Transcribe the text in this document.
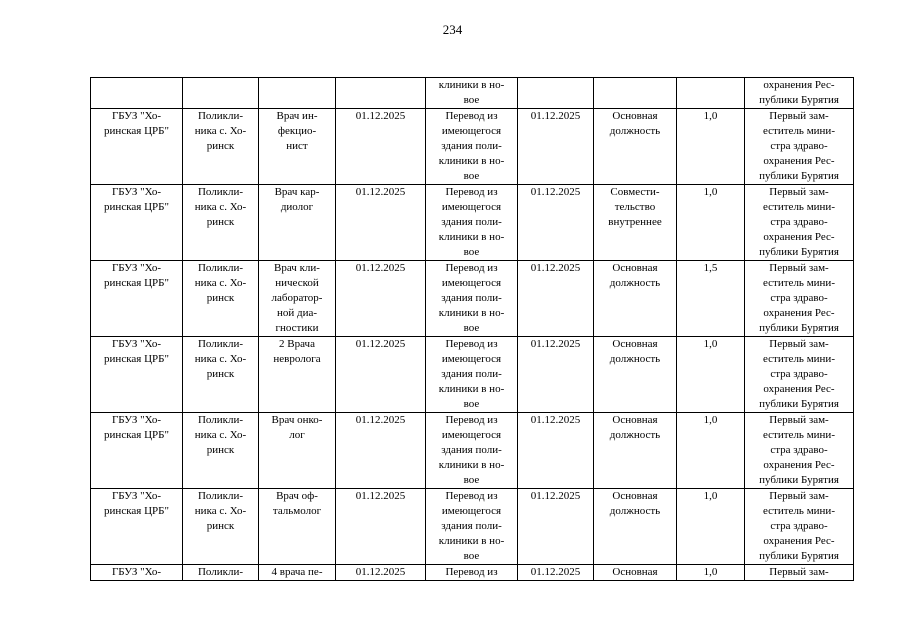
234

				клиники в но-
вое				охранения Рес-
публики Бурятия

ГБУЗ "Хо-
ринская ЦРБ"	Поликли-
ника с. Хо-
ринск	Врач ин-
фекцио-
нист	01.12.2025	Перевод из
имеющегося
здания поли-
клиники в но-
вое	01.12.2025	Основная
должность	1,0	Первый зам-
еститель мини-
стра здраво-
охранения Рес-
публики Бурятия

ГБУЗ "Хо-
ринская ЦРБ"	Поликли-
ника с. Хо-
ринск	Врач кар-
диолог	01.12.2025	Перевод из
имеющегося
здания поли-
клиники в но-
вое	01.12.2025	Совмести-
тельство
внутреннее	1,0	Первый зам-
еститель мини-
стра здраво-
охранения Рес-
публики Бурятия

ГБУЗ "Хо-
ринская ЦРБ"	Поликли-
ника с. Хо-
ринск	Врач кли-
нической
лаборатор-
ной диа-
гностики	01.12.2025	Перевод из
имеющегося
здания поли-
клиники в но-
вое	01.12.2025	Основная
должность	1,5	Первый зам-
еститель мини-
стра здраво-
охранения Рес-
публики Бурятия

ГБУЗ "Хо-
ринская ЦРБ"	Поликли-
ника с. Хо-
ринск	2 Врача
невролога	01.12.2025	Перевод из
имеющегося
здания поли-
клиники в но-
вое	01.12.2025	Основная
должность	1,0	Первый зам-
еститель мини-
стра здраво-
охранения Рес-
публики Бурятия

ГБУЗ "Хо-
ринская ЦРБ"	Поликли-
ника с. Хо-
ринск	Врач онко-
лог	01.12.2025	Перевод из
имеющегося
здания поли-
клиники в но-
вое	01.12.2025	Основная
должность	1,0	Первый зам-
еститель мини-
стра здраво-
охранения Рес-
публики Бурятия

ГБУЗ "Хо-
ринская ЦРБ"	Поликли-
ника с. Хо-
ринск	Врач оф-
тальмолог	01.12.2025	Перевод из
имеющегося
здания поли-
клиники в но-
вое	01.12.2025	Основная
должность	1,0	Первый зам-
еститель мини-
стра здраво-
охранения Рес-
публики Бурятия

ГБУЗ "Хо-	Поликли-	4 врача пе-	01.12.2025	Перевод из	01.12.2025	Основная	1,0	Первый зам-
